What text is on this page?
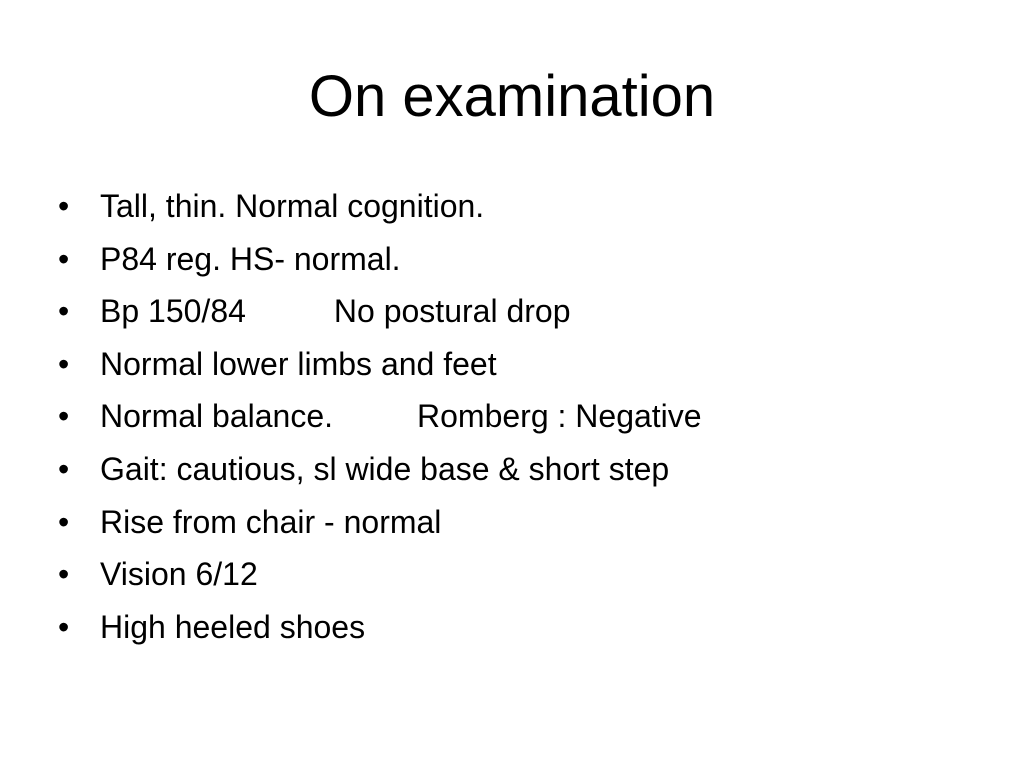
On examination
• Tall, thin. Normal cognition.
• P84 reg. HS- normal.
• Bp 150/84	No postural drop
• Normal lower limbs and feet
• Normal balance.	Romberg : Negative
• Gait: cautious, sl wide base & short step
• Rise from chair - normal
• Vision 6/12
• High heeled shoes
